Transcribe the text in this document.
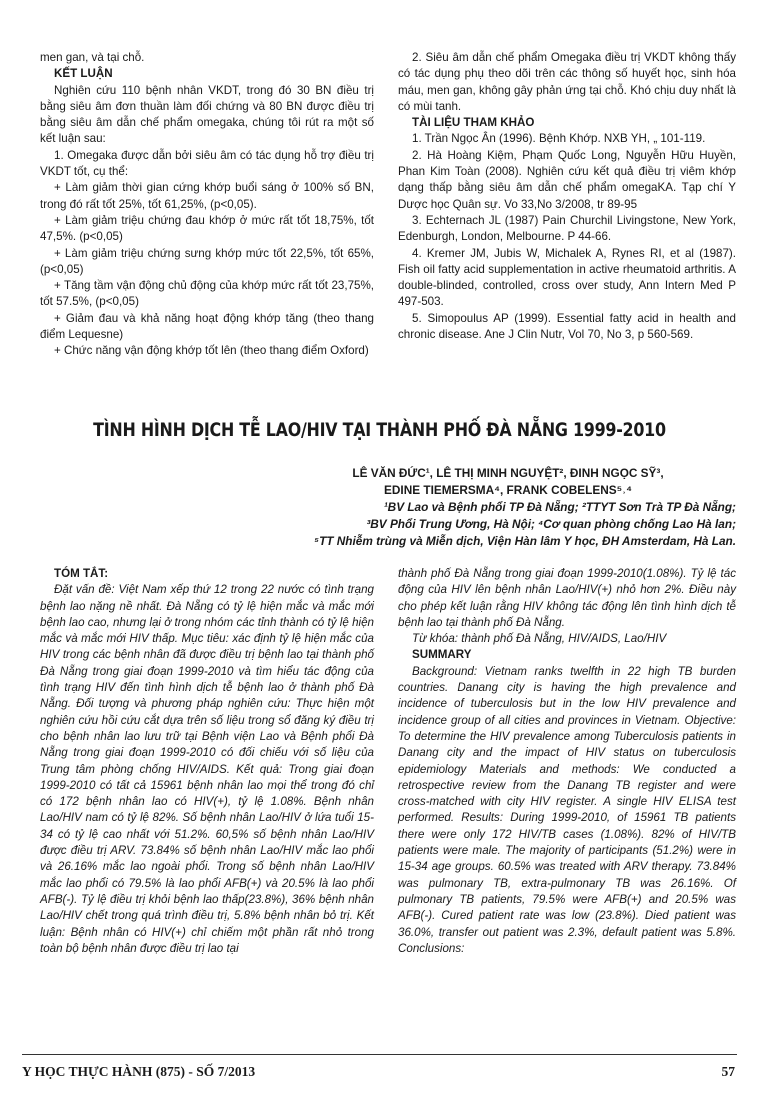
men gan, và tại chỗ.

KẾT LUẬN

Nghiên cứu 110 bệnh nhân VKDT, trong đó 30 BN điều trị bằng siêu âm đơn thuần làm đối chứng và 80 BN được điều trị bằng siêu âm dẫn chế phẩm omegaka, chúng tôi rút ra một số kết luận sau:

1. Omegaka được dẫn bởi siêu âm có tác dụng hỗ trợ điều trị VKDT tốt, cụ thể:

+ Làm giảm thời gian cứng khớp buổi sáng ở 100% số BN, trong đó rất tốt 25%, tốt 61,25%, (p<0,05).

+ Làm giảm triệu chứng đau khớp ở mức rất tốt 18,75%, tốt 47,5%. (p<0,05)

+ Làm giảm triệu chứng sưng khớp mức tốt 22,5%, tốt 65%, (p<0,05)

+ Tăng tầm vận động chủ động của khớp mức rất tốt 23,75%, tốt 57.5%, (p<0,05)

+ Giảm đau và khả năng hoạt động khớp tăng (theo thang điểm Lequesne)

+ Chức năng vận động khớp tốt lên (theo thang điểm Oxford)

2. Siêu âm dẫn chế phẩm Omegaka điều trị VKDT không thấy có tác dụng phụ theo dõi trên các thông số huyết học, sinh hóa máu, men gan, không gây phản ứng tại chỗ. Khó chịu duy nhất là có mùi tanh.

TÀI LIỆU THAM KHẢO

1. Trần Ngọc Ân (1996). Bệnh Khớp. NXB YH, „ 101-119.

2. Hà Hoàng Kiệm, Phạm Quốc Long, Nguyễn Hữu Huyền, Phan Kim Toàn (2008). Nghiên cứu kết quả điều trị viêm khớp dạng thấp bằng siêu âm dẫn chế phẩm omegaKA. Tạp chí Y Dược học Quân sự. Vo 33,No 3/2008, tr 89-95

3. Echternach JL (1987) Pain Churchil Livingstone, New York, Edenburgh, London, Melbourne. P 44-66.

4. Kremer JM, Jubis W, Michalek A, Rynes RI, et al (1987). Fish oil fatty acid supplementation in active rheumatoid arthritis. A double-blinded, controlled, cross over study, Ann Intern Med P 497-503.

5. Simopoulus AP (1999). Essential fatty acid in health and chronic disease. Ane J Clin Nutr, Vol 70, No 3, p 560-569.

TÌNH HÌNH DỊCH TỄ LAO/HIV TẠI THÀNH PHỐ ĐÀ NẴNG 1999-2010
LÊ VĂN ĐỨC¹, LÊ THỊ MINH NGUYỆT², ĐINH NGỌC SỸ³,
EDINE TIEMERSMA⁴, FRANK COBELENS⁵˒⁴
¹BV Lao và Bệnh phổi TP Đà Nẵng; ²TTYT Sơn Trà TP Đà Nẵng;
³BV Phổi Trung Ương, Hà Nội; ⁴Cơ quan phòng chống Lao Hà lan;
⁵TT Nhiễm trùng và Miễn dịch, Viện Hàn lâm Y học, ĐH Amsterdam, Hà Lan.

TÓM TẮT:

Đặt vấn đề: Việt Nam xếp thứ 12 trong 22 nước có tình trạng bệnh lao nặng nề nhất. Đà Nẵng có tỷ lệ hiện mắc và mắc mới bệnh lao cao, nhưng lại ở trong nhóm các tỉnh thành có tỷ lệ hiện mắc và mắc mới HIV thấp. Mục tiêu: xác định tỷ lệ hiện mắc của HIV trong các bệnh nhân đã được điều trị bệnh lao tại thành phố Đà Nẵng trong giai đoạn 1999-2010 và tìm hiểu tác động của tình trạng HIV đến tình hình dịch tễ bệnh lao ở thành phố Đà Nẵng. Đối tượng và phương pháp nghiên cứu: Thực hiện một nghiên cứu hồi cứu cắt dựa trên số liệu trong sổ đăng ký điều trị cho bệnh nhân lao lưu trữ tại Bệnh viện Lao và Bệnh phổi Đà Nẵng trong giai đoạn 1999-2010 có đối chiếu với số liệu của Trung tâm phòng chống HIV/AIDS. Kết quả: Trong giai đoạn 1999-2010 có tất cả 15961 bệnh nhân lao mọi thể trong đó chỉ có 172 bệnh nhân lao có HIV(+), tỷ lệ 1.08%. Bệnh nhân Lao/HIV nam có tỷ lệ 82%. Số bệnh nhân Lao/HIV ở lứa tuổi 15-34 có tỷ lệ cao nhất với 51.2%. 60,5% số bệnh nhân Lao/HIV được điều trị ARV. 73.84% số bệnh nhân Lao/HIV mắc lao phổi và 26.16% mắc lao ngoài phổi. Trong số bệnh nhân Lao/HIV mắc lao phổi có 79.5% là lao phổi AFB(+) và 20.5% là lao phổi AFB(-). Tỷ lệ điều trị khỏi bệnh lao thấp(23.8%), 36% bệnh nhân Lao/HIV chết trong quá trình điều trị, 5.8% bệnh nhân bỏ trị. Kết luận: Bệnh nhân có HIV(+) chỉ chiếm một phần rất nhỏ trong toàn bộ bệnh nhân được điều trị lao tại

thành phố Đà Nẵng trong giai đoạn 1999-2010(1.08%). Tỷ lệ tác động của HIV lên bệnh nhân Lao/HIV(+) nhỏ hơn 2%. Điều này cho phép kết luận rằng HIV không tác động lên tình hình dịch tễ bệnh lao tại thành phố Đà Nẵng.

Từ khóa: thành phố Đà Nẵng, HIV/AIDS, Lao/HIV

SUMMARY

Background: Vietnam ranks twelfth in 22 high TB burden countries. Danang city is having the high prevalence and incidence of tuberculosis but in the low HIV prevalence and incidence group of all cities and provinces in Vietnam. Objective: To determine the HIV prevalence among Tuberculosis patients in Danang city and the impact of HIV status on tuberculosis epidemiology Materials and methods: We conducted a retrospective review from the Danang TB register and were cross-matched with city HIV register. A single HIV ELISA test performed. Results: During 1999-2010, of 15961 TB patients there were only 172 HIV/TB cases (1.08%). 82% of HIV/TB patients were male. The majority of participants (51.2%) were in 15-34 age groups. 60.5% was treated with ARV therapy. 73.84% was pulmonary TB, extra-pulmonary TB was 26.16%. Of pulmonary TB patients, 79.5% were AFB(+) and 20.5% was AFB(-). Cured patient rate was low (23.8%). Died patient was 36.0%, transfer out patient was 2.3%, default patient was 5.8%. Conclusions:

Y HỌC THỰC HÀNH (875) - SỐ 7/2013	57
